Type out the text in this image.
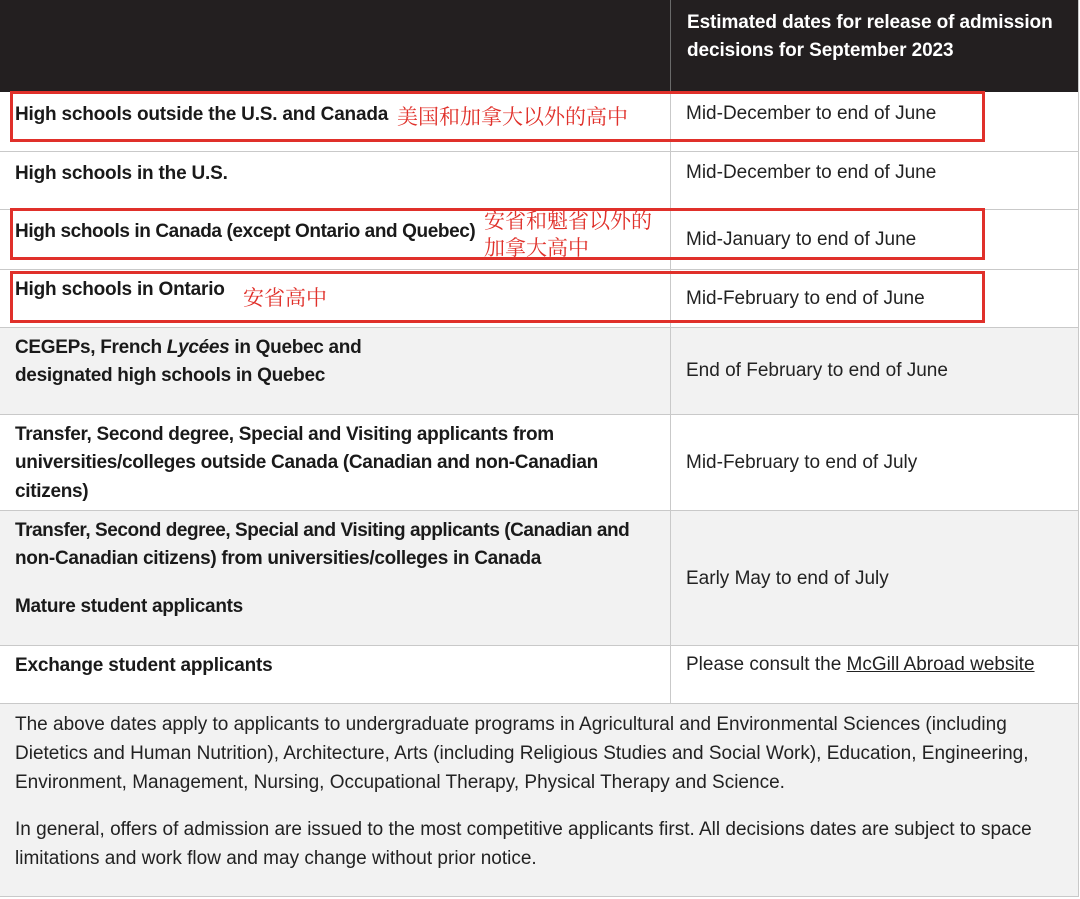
Estimated dates for release of admission decisions for September 2023
High schools outside the U.S. and Canada	Mid-December to end of June
High schools in the U.S.	Mid-December to end of June
High schools in Canada (except Ontario and Quebec)	Mid-January to end of June
High schools in Ontario	Mid-February to end of June
CEGEPs, French Lycées in Quebec and
designated high schools in Quebec	End of February to end of June
Transfer, Second degree, Special and Visiting applicants from
universities/colleges outside Canada (Canadian and non-Canadian
citizens)
Mid-February to end of July
Transfer, Second degree, Special and Visiting applicants (Canadian and
non-Canadian citizens) from universities/colleges in Canada
Mature student applicants
Early May to end of July
Exchange student applicants	Please consult the McGill Abroad website

The above dates apply to applicants to undergraduate programs in Agricultural and Environmental Sciences (including Dietetics and Human Nutrition), Architecture, Arts (including Religious Studies and Social Work), Education, Engineering, Environment, Management, Nursing, Occupational Therapy, Physical Therapy and Science.

In general, offers of admission are issued to the most competitive applicants first. All decisions dates are subject to space limitations and work flow and may change without prior notice.

美国和加拿大以外的高中
安省和魁省以外的
加拿大高中
安省高中
